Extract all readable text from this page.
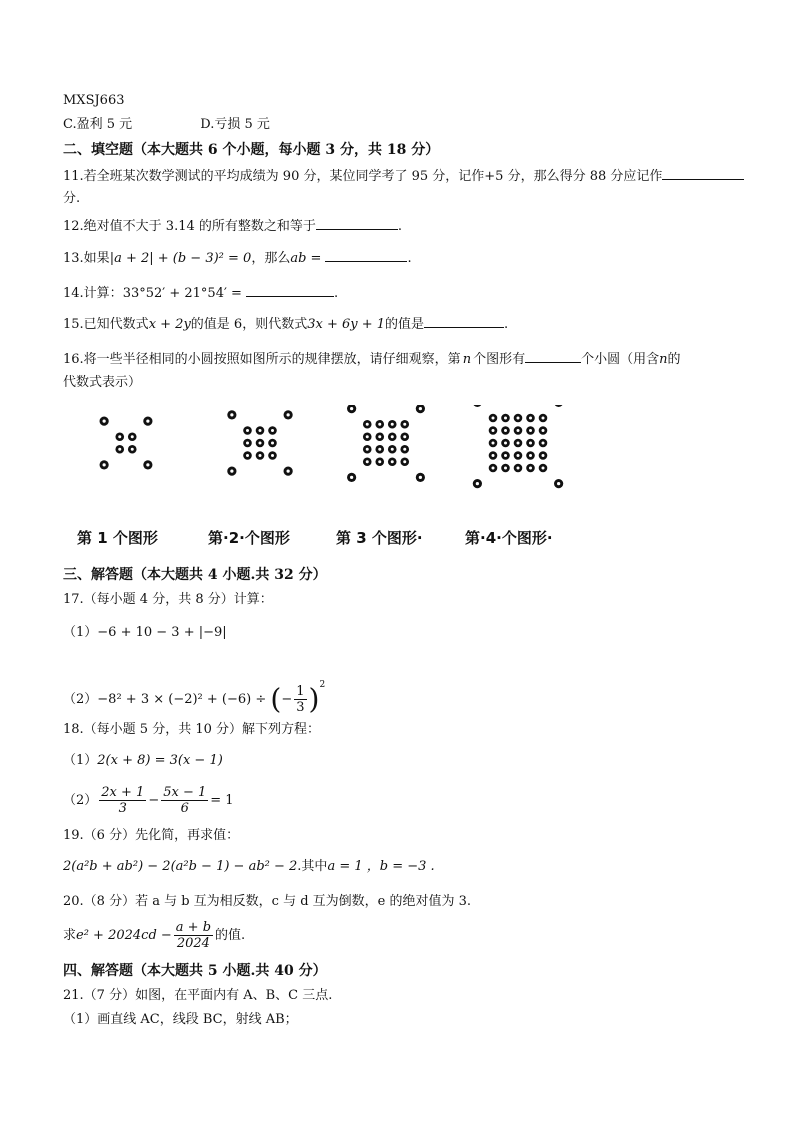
MXSJ663
C.盈利 5 元	D.亏损 5 元
二、填空题（本大题共 6 个小题，每小题 3 分，共 18 分）
11.若全班某次数学测试的平均成绩为 90 分，某位同学考了 95 分，记作+5 分，那么得分 88 分应记作
分.
12.绝对值不大于 3.14 的所有整数之和等于	.
13.如果|a + 2| + (b − 3)² = 0，那么ab =	.
14.计算：33°52′ + 21°54′ =	.
15.已知代数式x + 2y的值是 6，则代数式3x + 6y + 1的值是	.
16.将一些半径相同的小圆按照如图所示的规律摆放，请仔细观察，第 n 个图形有	个小圆（用含n的
代数式表示）
第 1 个图形	第·2·个图形	第 3 个图形·	第·4·个图形·
三、解答题（本大题共 4 小题.共 32 分）
17.（每小题 4 分，共 8 分）计算：
（1）−6 + 10 − 3 + |−9|
（2）−8² + 3 × (−2)² + (−6) ÷ (− $\frac{1}{3} )^2$
18.（每小题 5 分，共 10 分）解下列方程：
（1）2(x + 8) = 3(x − 1)
$(2) \frac{2x + 1}{3} - \frac{5x - 1}{6} = 1$
19.（6 分）先化简，再求值：
2(a²b + ab²) − 2(a²b − 1) − ab² − 2.其中a = 1 ，b = −3 .
20.（8 分）若 a 与 b 互为相反数，c 与 d 互为倒数，e 的绝对值为 3.
求$e^2 + 2024cd - \frac{a + b}{2024}$ 的值.
四、解答题（本大题共 5 小题.共 40 分）
21.（7 分）如图，在平面内有 A、B、C 三点.
（1）画直线 AC，线段 BC，射线 AB；
